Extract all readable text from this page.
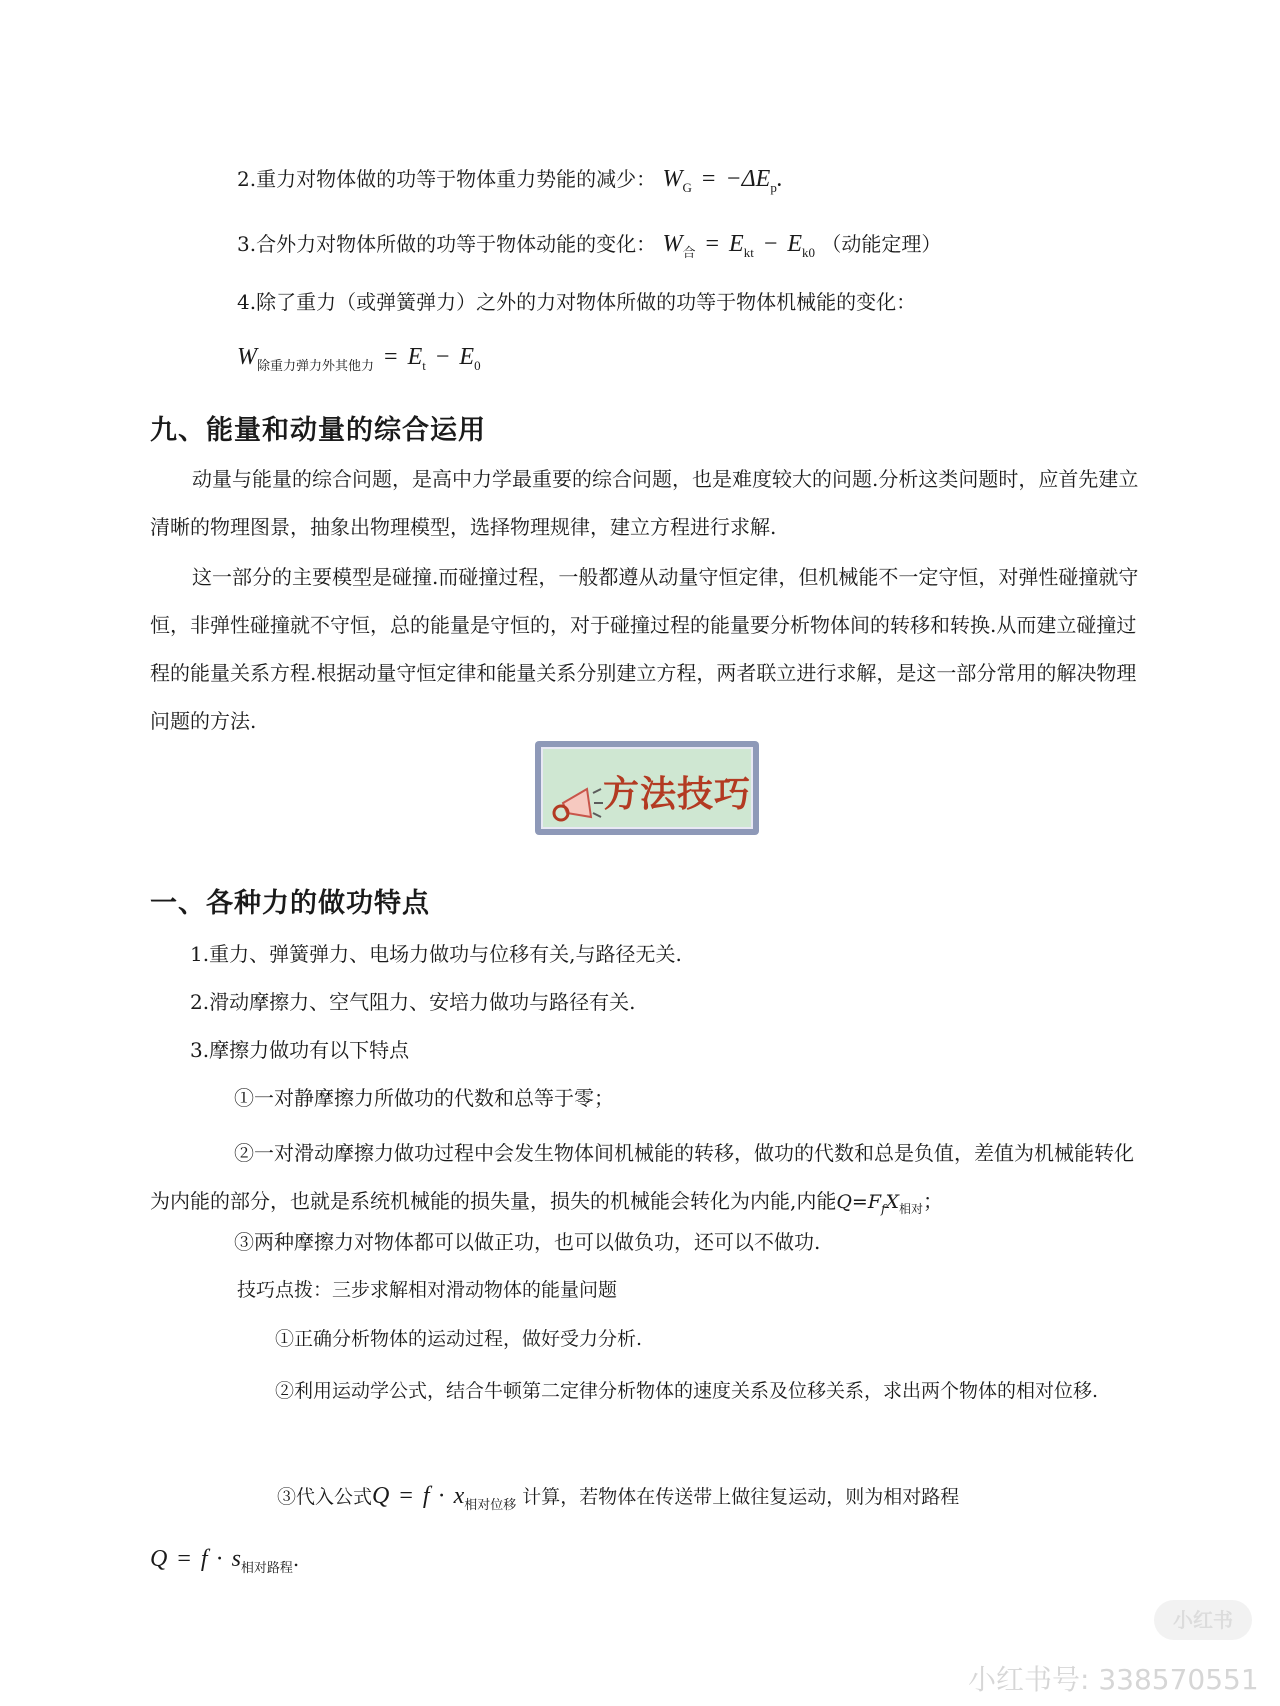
2.重力对物体做的功等于物体重力势能的减少： $W_G = -\Delta E_p$.
3.合外力对物体所做的功等于物体动能的变化： $W_合 = E_{kt} - E_{k0}$ （动能定理）
4.除了重力（或弹簧弹力）之外的力对物体所做的功等于物体机械能的变化：
$W_{除重力弹力外其他力} = E_t - E_0$
九、能量和动量的综合运用
动量与能量的综合问题，是高中力学最重要的综合问题，也是难度较大的问题.分析这类问题时，应首先建立清晰的物理图景，抽象出物理模型，选择物理规律，建立方程进行求解.
这一部分的主要模型是碰撞.而碰撞过程，一般都遵从动量守恒定律，但机械能不一定守恒，对弹性碰撞就守恒，非弹性碰撞就不守恒，总的能量是守恒的，对于碰撞过程的能量要分析物体间的转移和转换.从而建立碰撞过程的能量关系方程.根据动量守恒定律和能量关系分别建立方程，两者联立进行求解，是这一部分常用的解决物理问题的方法.
方法技巧
一、各种力的做功特点
1.重力、弹簧弹力、电场力做功与位移有关,与路径无关.
2.滑动摩擦力、空气阻力、安培力做功与路径有关.
3.摩擦力做功有以下特点
①一对静摩擦力所做功的代数和总等于零；
②一对滑动摩擦力做功过程中会发生物体间机械能的转移，做功的代数和总是负值，差值为机械能转化为内能的部分，也就是系统机械能的损失量，损失的机械能会转化为内能,内能$Q=F_fX_{相对}$；
③两种摩擦力对物体都可以做正功，也可以做负功，还可以不做功.
技巧点拨：三步求解相对滑动物体的能量问题
①正确分析物体的运动过程，做好受力分析.
②利用运动学公式，结合牛顿第二定律分析物体的速度关系及位移关系，求出两个物体的相对位移.
③代入公式$Q = f \cdot x_{相对位移}$ 计算，若物体在传送带上做往复运动，则为相对路程
$Q = f \cdot s_{相对路程}$.
小红书
小红书号: 338570551
